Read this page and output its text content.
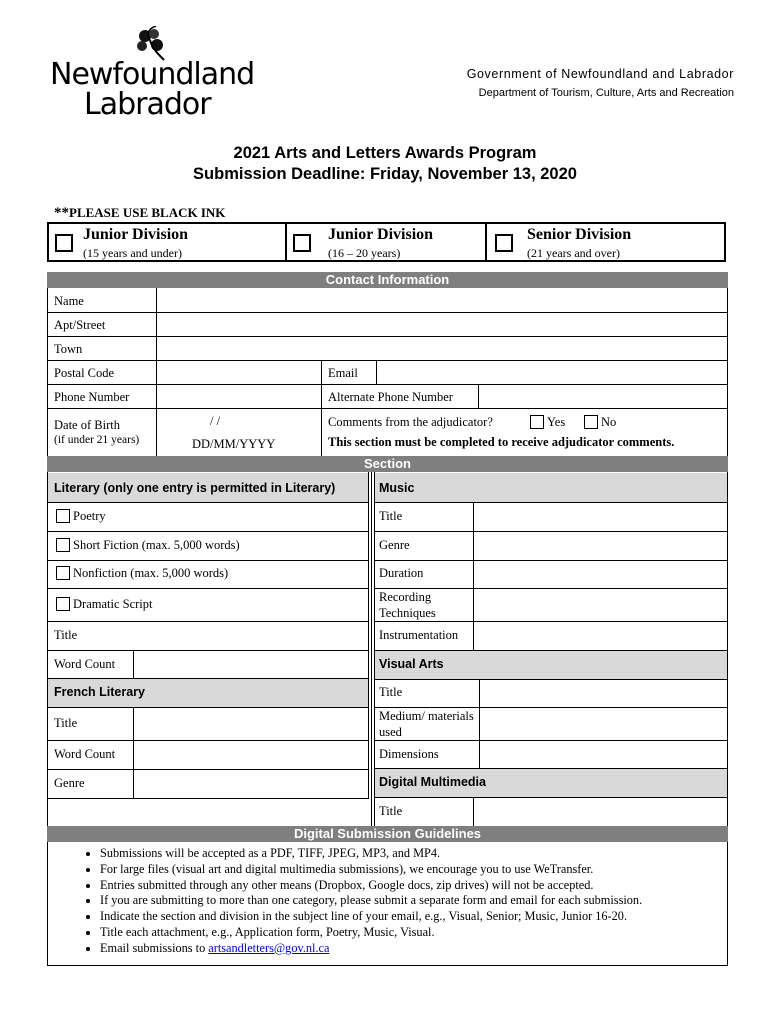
Newfoundland
Labrador
Government of Newfoundland and Labrador
Department of Tourism, Culture, Arts and Recreation
2021 Arts and Letters Awards Program
Submission Deadline: Friday, November 13, 2020
**PLEASE USE BLACK INK
Junior Division
(15 years and under)
Junior Division
(16 – 20 years)
Senior Division
(21 years and over)
Contact Information
Name
Apt/Street
Town
Postal Code	Email
Phone Number	Alternate Phone Number
Date of Birth
(if under 21 years)
/ /
DD/MM/YYYY
Comments from the adjudicator?	Yes	No
This section must be completed to receive adjudicator comments.
Section
Literary (only one entry is permitted in Literary)
Poetry
Short Fiction (max. 5,000 words)
Nonfiction (max. 5,000 words)
Dramatic Script
Title
Word Count
French Literary
Title
Word Count
Genre
Music
Title
Genre
Duration
Recording Techniques
Instrumentation
Visual Arts
Title
Medium/ materials used
Dimensions
Digital Multimedia
Title
Digital Submission Guidelines
• Submissions will be accepted as a PDF, TIFF, JPEG, MP3, and MP4.
• For large files (visual art and digital multimedia submissions), we encourage you to use WeTransfer.
• Entries submitted through any other means (Dropbox, Google docs, zip drives) will not be accepted.
• If you are submitting to more than one category, please submit a separate form and email for each submission.
• Indicate the section and division in the subject line of your email, e.g., Visual, Senior; Music, Junior 16-20.
• Title each attachment, e.g., Application form, Poetry, Music, Visual.
• Email submissions to artsandletters@gov.nl.ca
